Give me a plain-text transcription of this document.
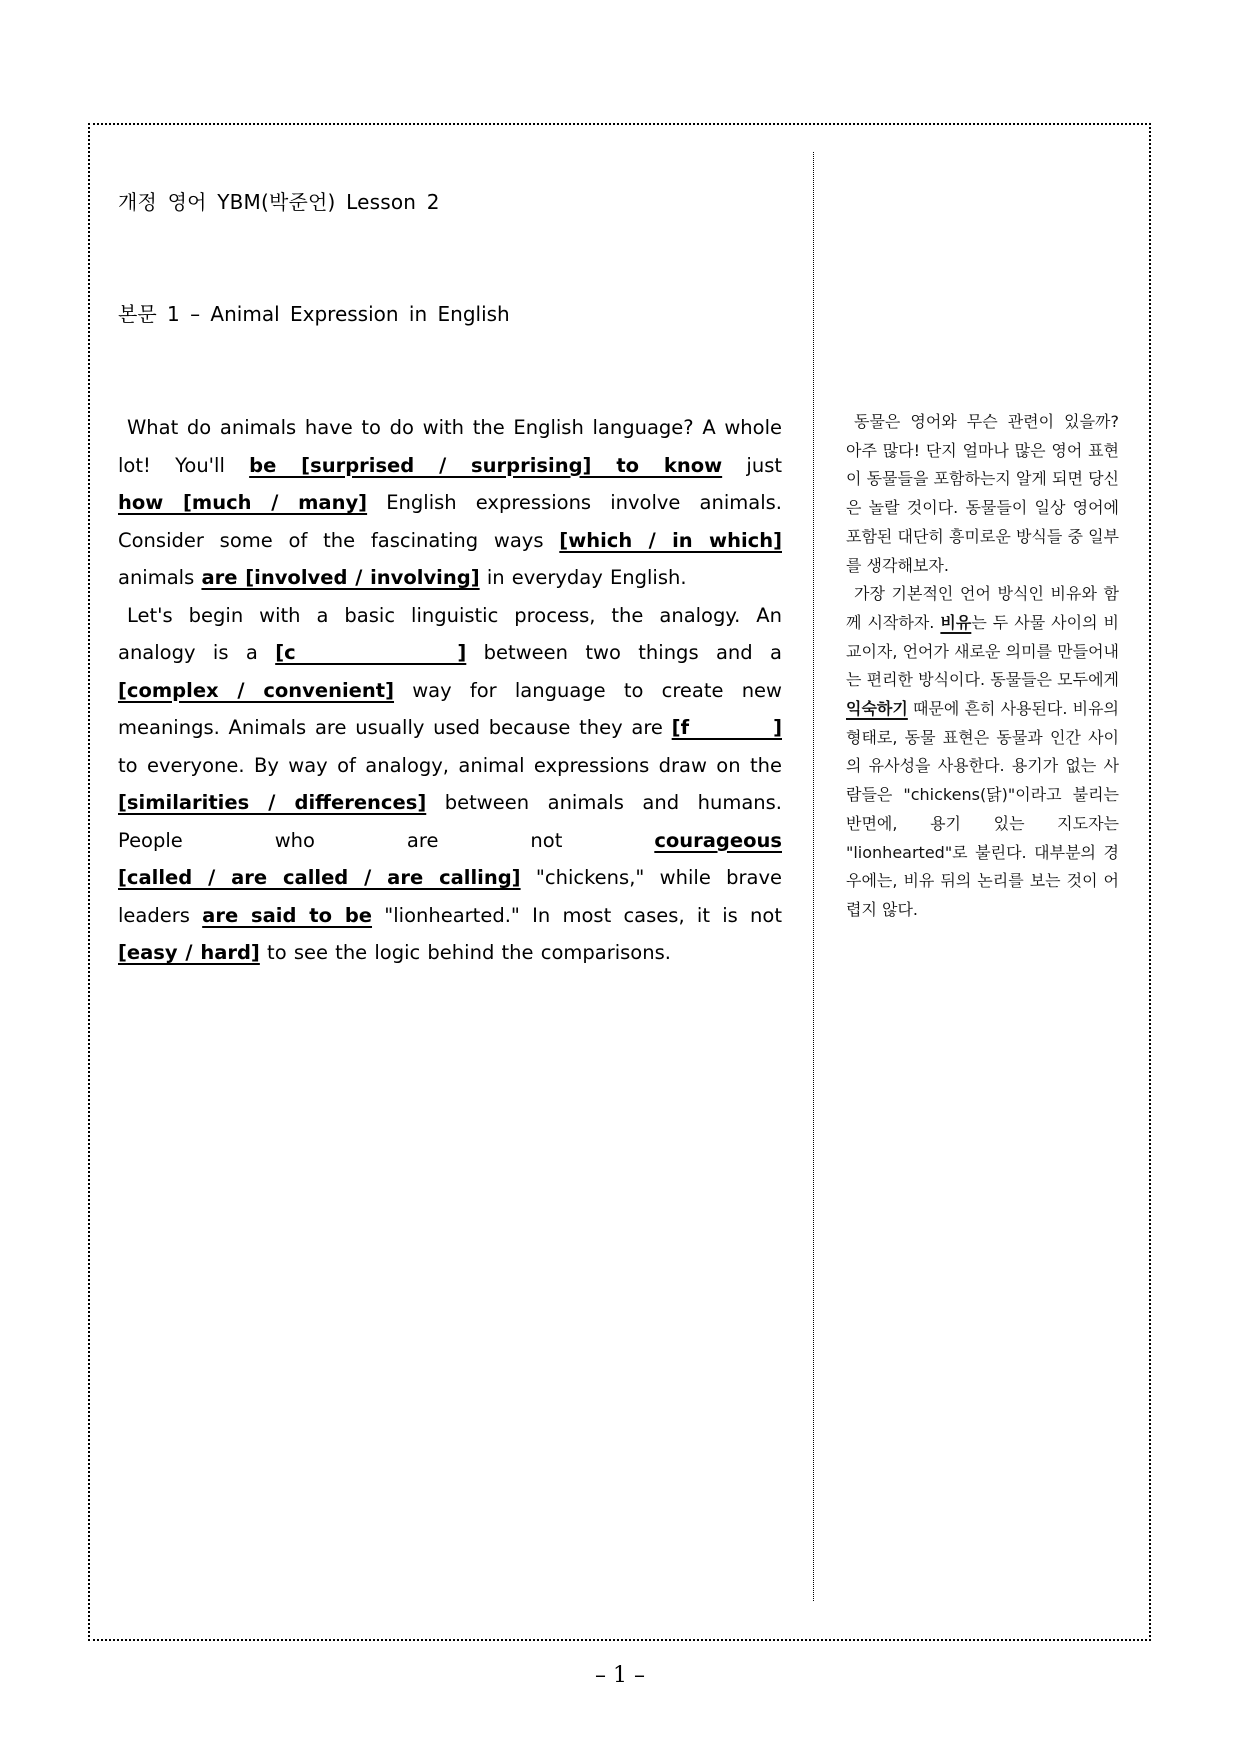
개정 영어 YBM(박준언) Lesson 2
본문 1 – Animal Expression in English

What do animals have to do with the English language? A whole lot! You'll be [surprised / surprising] to know just how [much / many] English expressions involve animals. Consider some of the fascinating ways [which / in which] animals are [involved / involving] in everyday English.

Let's begin with a basic linguistic process, the analogy. An analogy is a [c         ] between two things and a [complex / convenient] way for language to create new meanings. Animals are usually used because they are [f         ] to everyone. By way of analogy, animal expressions draw on the [similarities / differences] between animals and humans. People who are not courageous [called / are called / are calling] "chickens," while brave leaders are said to be "lionhearted." In most cases, it is not [easy / hard] to see the logic behind the comparisons.

동물은 영어와 무슨 관련이 있을까? 아주 많다! 단지 얼마나 많은 영어 표현이 동물들을 포함하는지 알게 되면 당신은 놀랄 것이다. 동물들이 일상 영어에 포함된 대단히 흥미로운 방식들 중 일부를 생각해보자.

가장 기본적인 언어 방식인 비유와 함께 시작하자. 비유는 두 사물 사이의 비교이자, 언어가 새로운 의미를 만들어내는 편리한 방식이다. 동물들은 모두에게 익숙하기 때문에 흔히 사용된다. 비유의 형태로, 동물 표현은 동물과 인간 사이의 유사성을 사용한다. 용기가 없는 사람들은 "chickens(닭)"이라고 불리는 반면에, 용기 있는 지도자는 "lionhearted"로 불린다. 대부분의 경우에는, 비유 뒤의 논리를 보는 것이 어렵지 않다.

– 1 –
